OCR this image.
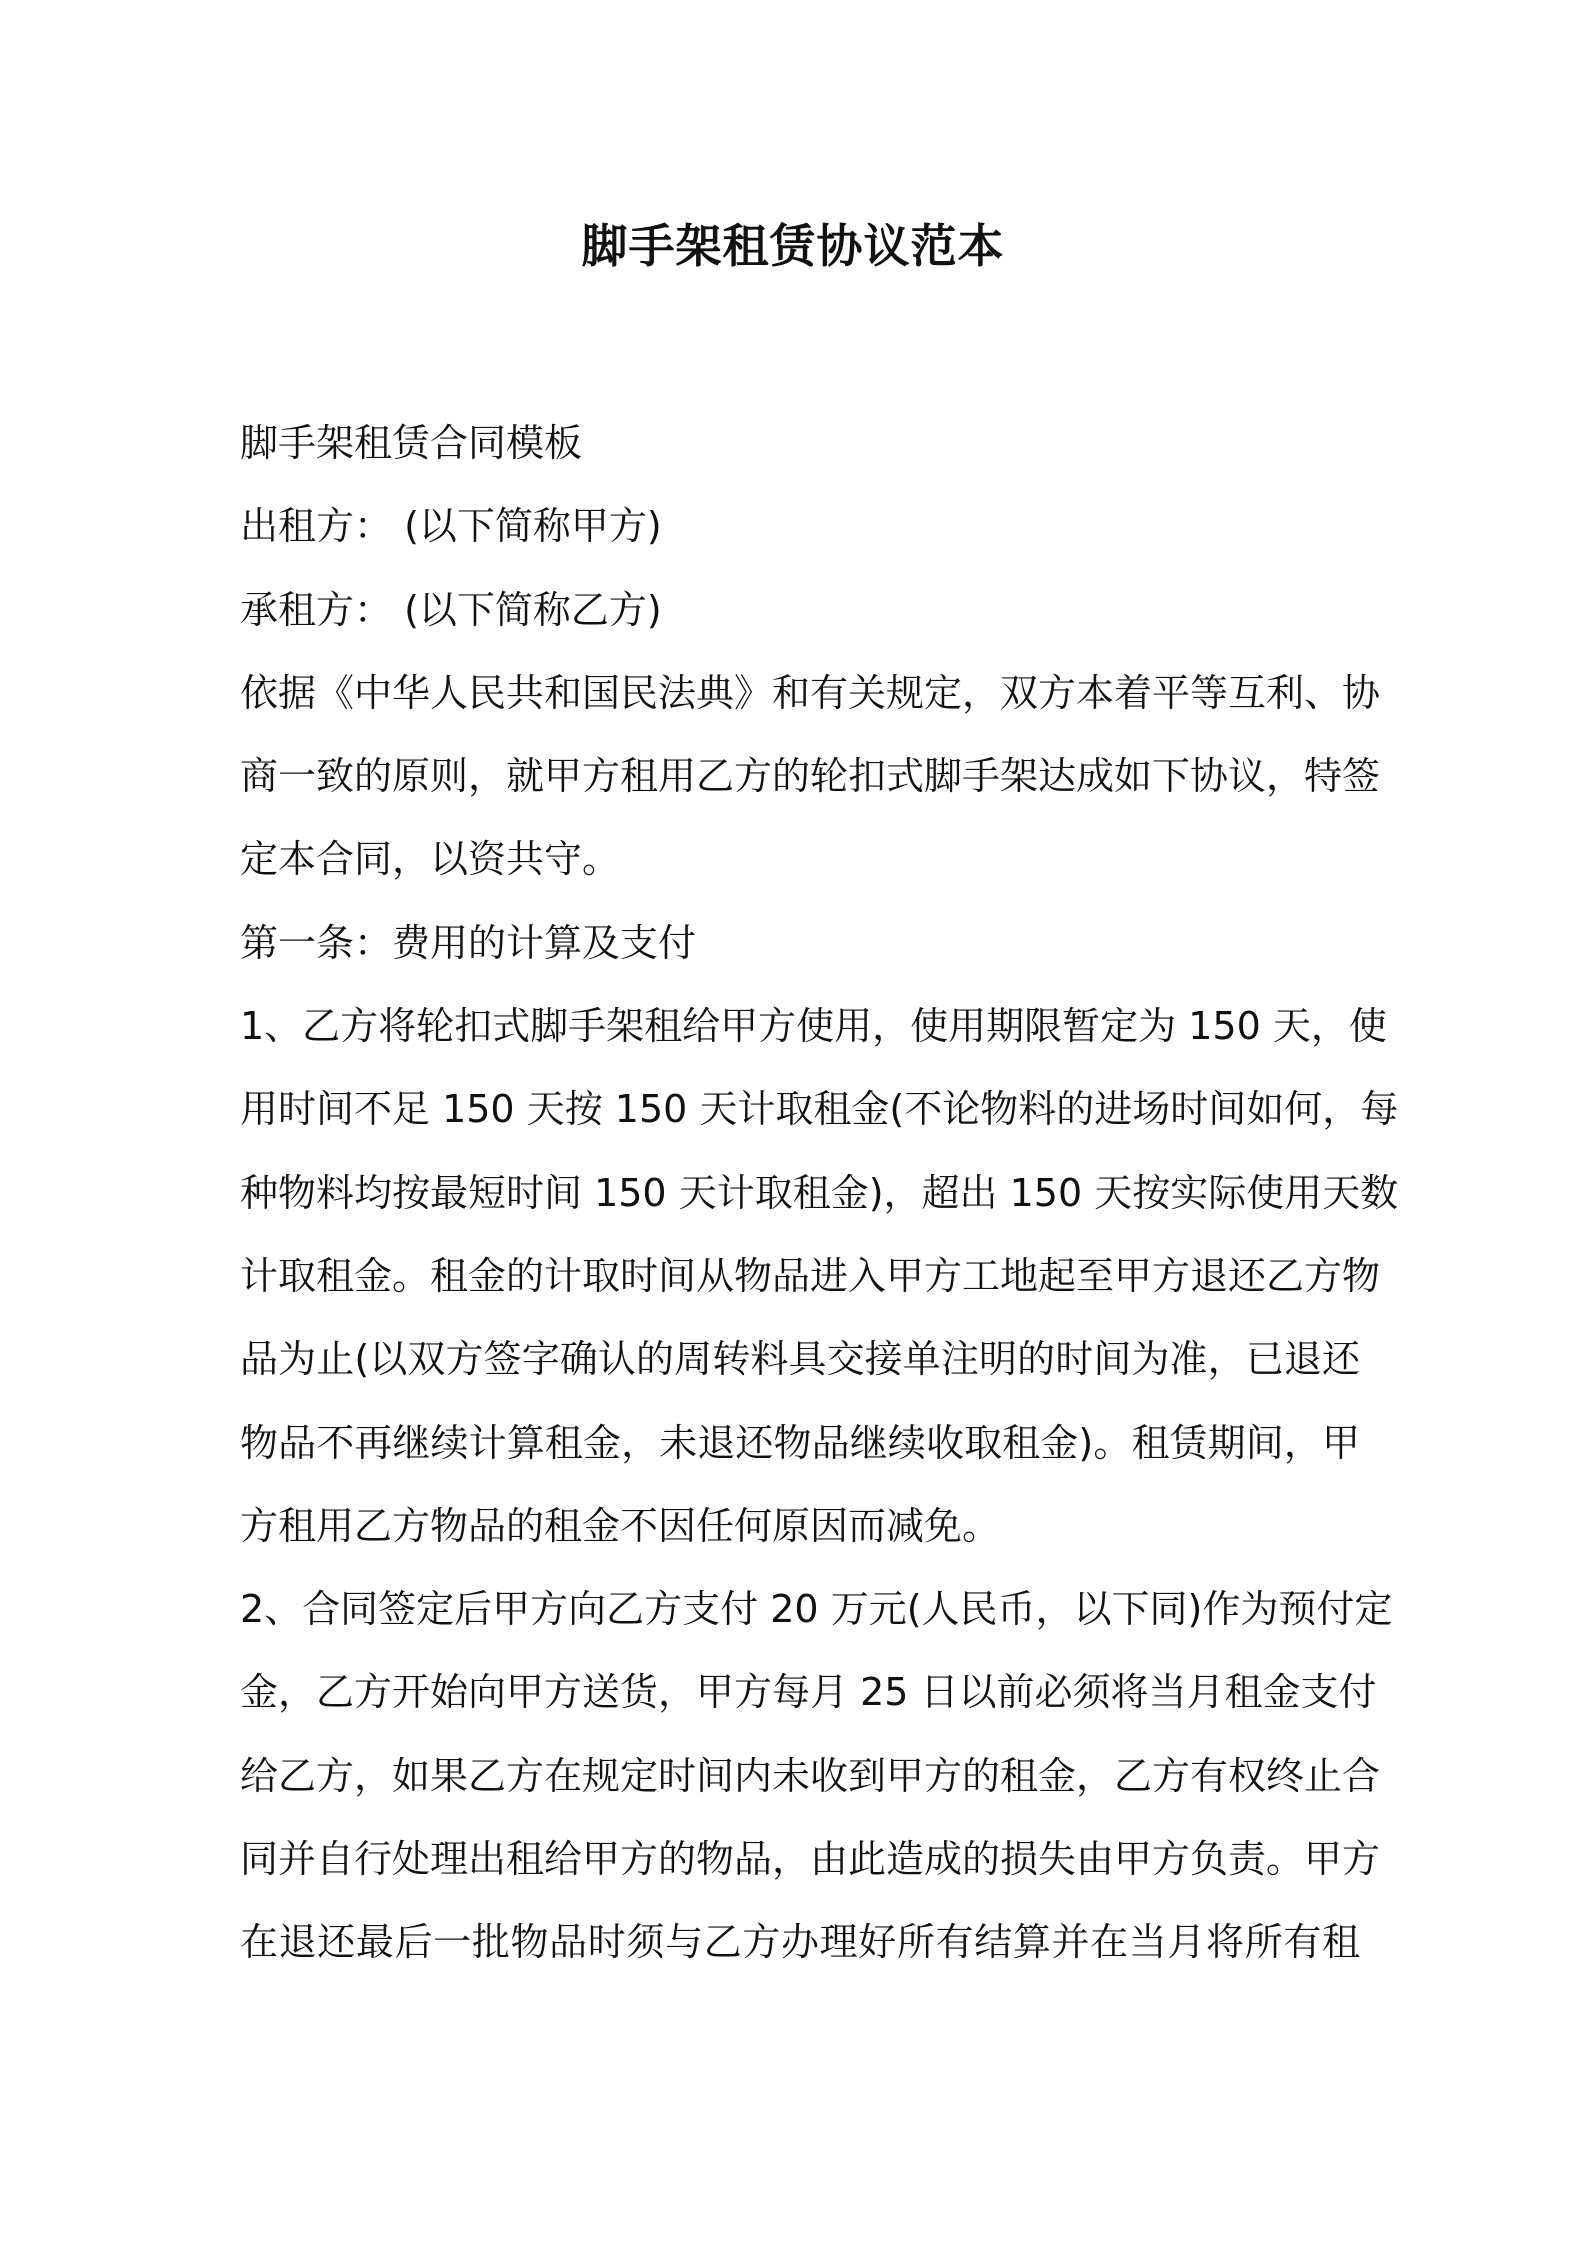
脚手架租赁协议范本
脚手架租赁合同模板
出租方： (以下简称甲方)
承租方： (以下简称乙方)
依据《中华人民共和国民法典》和有关规定，双方本着平等互利、协
商一致的原则，就甲方租用乙方的轮扣式脚手架达成如下协议，特签
定本合同，以资共守。
第一条：费用的计算及支付
1、乙方将轮扣式脚手架租给甲方使用，使用期限暂定为 150 天，使
用时间不足 150 天按 150 天计取租金(不论物料的进场时间如何，每
种物料均按最短时间 150 天计取租金)，超出 150 天按实际使用天数
计取租金。租金的计取时间从物品进入甲方工地起至甲方退还乙方物
品为止(以双方签字确认的周转料具交接单注明的时间为准，已退还
物品不再继续计算租金，未退还物品继续收取租金)。租赁期间，甲
方租用乙方物品的租金不因任何原因而减免。
2、合同签定后甲方向乙方支付 20 万元(人民币，以下同)作为预付定
金，乙方开始向甲方送货，甲方每月 25 日以前必须将当月租金支付
给乙方，如果乙方在规定时间内未收到甲方的租金，乙方有权终止合
同并自行处理出租给甲方的物品，由此造成的损失由甲方负责。甲方
在退还最后一批物品时须与乙方办理好所有结算并在当月将所有租
